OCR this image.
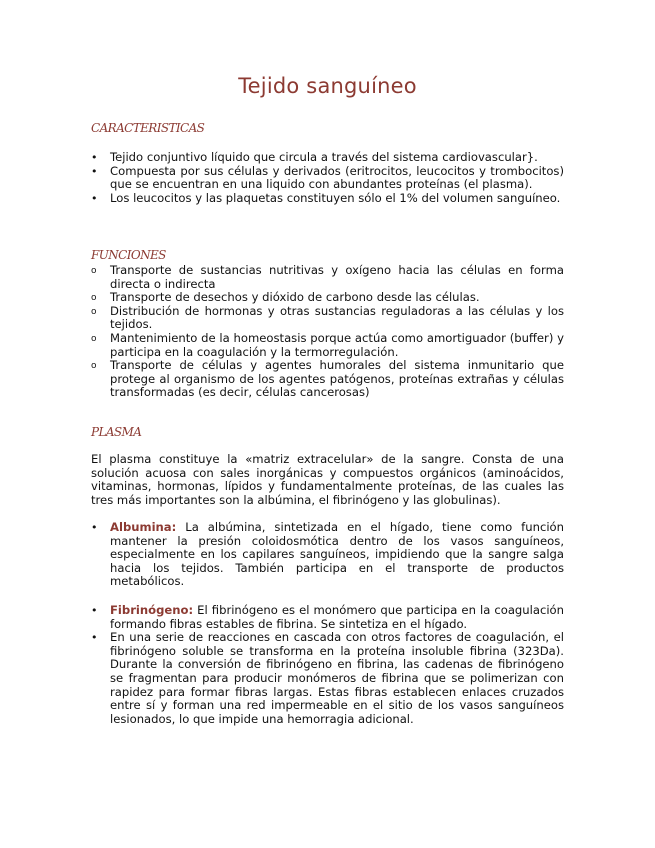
Tejido sanguíneo
CARACTERISTICAS
• Tejido conjuntivo líquido que circula a través del sistema cardiovascular}.
• Compuesta por sus células y derivados (eritrocitos, leucocitos y trombocitos) que se encuentran en una liquido con abundantes proteínas (el plasma).
• Los leucocitos y las plaquetas constituyen sólo el 1% del volumen sanguíneo.
FUNCIONES
o Transporte de sustancias nutritivas y oxígeno hacia las células en forma directa o indirecta
o Transporte de desechos y dióxido de carbono desde las células.
o Distribución de hormonas y otras sustancias reguladoras a las células y los tejidos.
o Mantenimiento de la homeostasis porque actúa como amortiguador (buffer) y participa en la coagulación y la termorregulación.
o Transporte de células y agentes humorales del sistema inmunitario que protege al organismo de los agentes patógenos, proteínas extrañas y células transformadas (es decir, células cancerosas)
PLASMA

El plasma constituye la «matriz extracelular» de la sangre. Consta de una solución acuosa con sales inorgánicas y compuestos orgánicos (aminoácidos, vitaminas, hormonas, lípidos y fundamentalmente proteínas, de las cuales las tres más importantes son la albúmina, el fibrinógeno y las globulinas).

• Albumina: La albúmina, sintetizada en el hígado, tiene como función mantener la presión coloidosmótica dentro de los vasos sanguíneos, especialmente en los capilares sanguíneos, impidiendo que la sangre salga hacia los tejidos. También participa en el transporte de productos metabólicos.
• Fibrinógeno: El fibrinógeno es el monómero que participa en la coagulación formando fibras estables de fibrina. Se sintetiza en el hígado.
• En una serie de reacciones en cascada con otros factores de coagulación, el fibrinógeno soluble se transforma en la proteína insoluble fibrina (323Da). Durante la conversión de fibrinógeno en fibrina, las cadenas de fibrinógeno se fragmentan para producir monómeros de fibrina que se polimerizan con rapidez para formar fibras largas. Estas fibras establecen enlaces cruzados entre sí y forman una red impermeable en el sitio de los vasos sanguíneos lesionados, lo que impide una hemorragia adicional.
